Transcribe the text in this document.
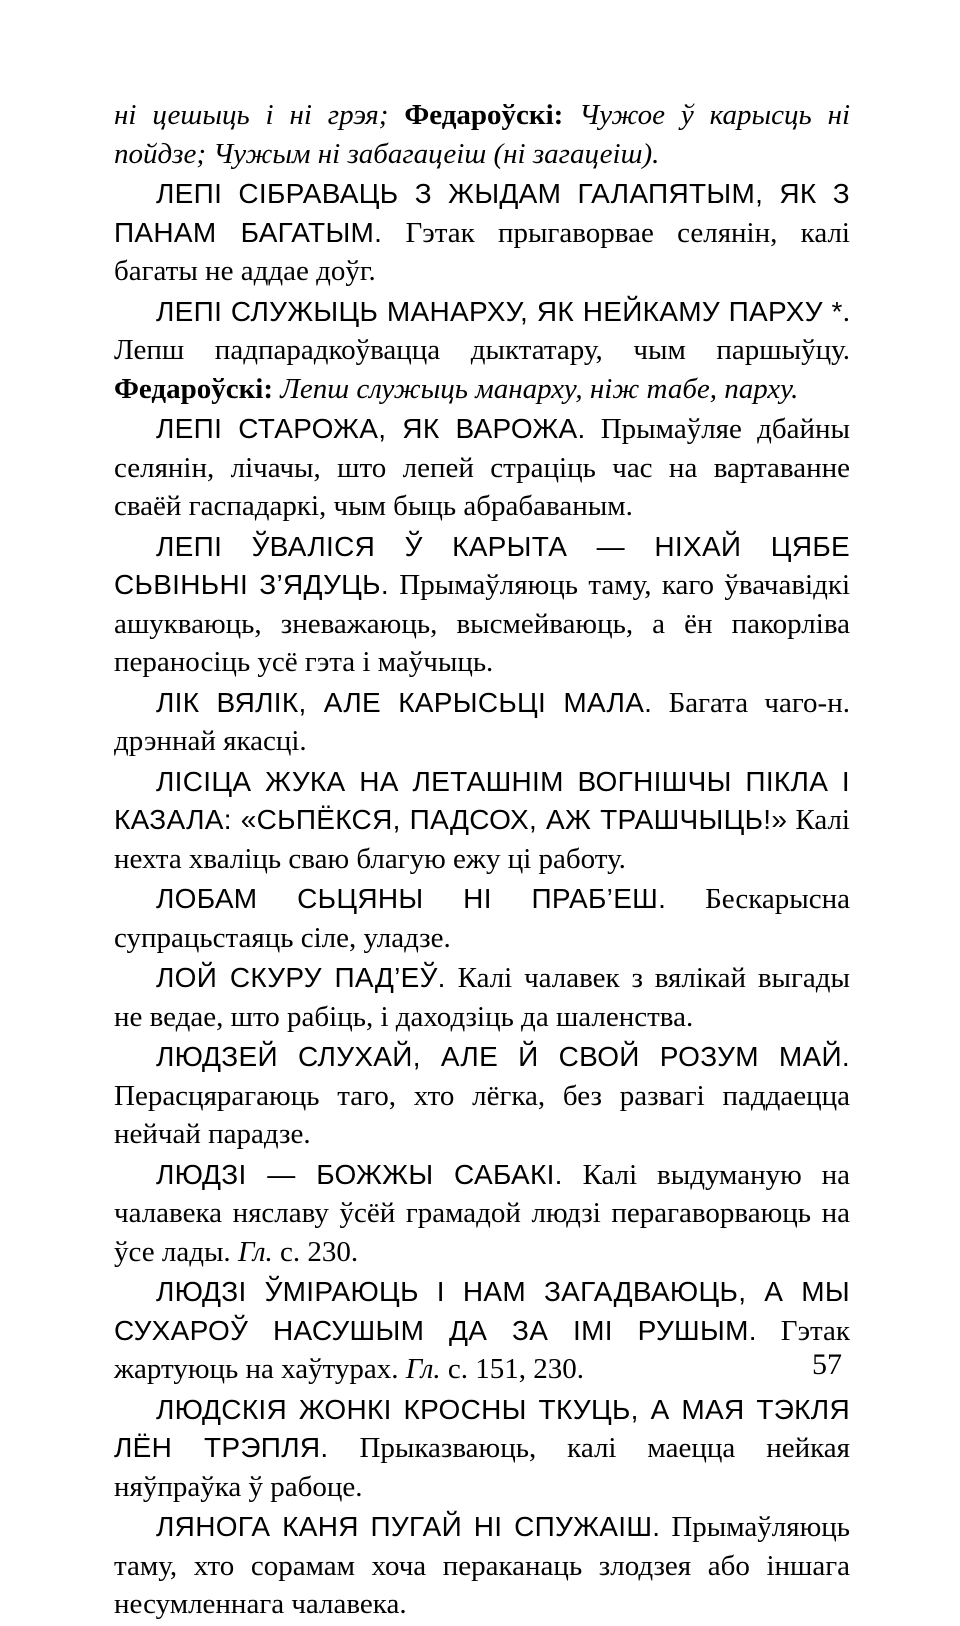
ні цешыць і ні грэя; Федароўскі: Чужое ў карысць ні пойдзе; Чужым ні забагацеіш (ні загацеіш).

ЛЕПІ СІБРАВАЦЬ З ЖЫДАМ ГАЛАПЯТЫМ, ЯК З ПАНАМ БАГАТЫМ. Гэтак прыгаворвае селянін, калі багаты не аддае доўг.

ЛЕПІ СЛУЖЫЦЬ МАНАРХУ, ЯК НЕЙКАМУ ПАРХУ *. Лепш падпарадкоўвацца дыктатару, чым паршыўцу. Федароўскі: Лепш служыць манарху, ніж табе, парху.

ЛЕПІ СТАРОЖА, ЯК ВАРОЖА. Прымаўляе дбайны селянін, лічачы, што лепей страціць час на вартаванне сваёй гаспадаркі, чым быць абрабаваным.

ЛЕПІ ЎВАЛІСЯ Ў КАРЫТА — НІХАЙ ЦЯБЕ СЬВІНЬНІ З’ЯДУЦЬ. Прымаўляюць таму, каго ўвачавідкі ашукваюць, зневажаюць, высмейваюць, а ён пакорліва пераносіць усё гэта і маўчыць.

ЛІК ВЯЛІК, АЛЕ КАРЫСЬЦІ МАЛА. Багата чаго-н. дрэннай якасці.

ЛІСІЦА ЖУКА НА ЛЕТАШНІМ ВОГНІШЧЫ ПІКЛА І КАЗАЛА: «СЬПЁКСЯ, ПАДСОХ, АЖ ТРАШЧЫЦЬ!» Калі нехта хваліць сваю благую ежу ці работу.

ЛОБАМ СЬЦЯНЫ НІ ПРАБ’ЕШ. Бескарысна супрацьстаяць сіле, уладзе.

ЛОЙ СКУРУ ПАД’ЕЎ. Калі чалавек з вялікай выгады не ведае, што рабіць, і даходзіць да шаленства.

ЛЮДЗЕЙ СЛУХАЙ, АЛЕ Й СВОЙ РОЗУМ МАЙ. Перасцярагаюць таго, хто лёгка, без развагі паддаецца нейчай парадзе.

ЛЮДЗІ — БОЖЖЫ САБАКІ. Калі выдуманую на чалавека няславу ўсёй грамадой людзі перагаворваюць на ўсе лады. Гл. с. 230.

ЛЮДЗІ ЎМІРАЮЦЬ І НАМ ЗАГАДВАЮЦЬ, А МЫ СУХАРОЎ НАСУШЫМ ДА ЗА ІМІ РУШЫМ. Гэтак жартуюць на хаўтурах. Гл. с. 151, 230.

ЛЮДСКІЯ ЖОНКІ КРОСНЫ ТКУЦЬ, А МАЯ ТЭКЛЯ ЛЁН ТРЭПЛЯ. Прыказваюць, калі маецца нейкая няўпраўка ў рабоце.

ЛЯНОГА КАНЯ ПУГАЙ НІ СПУЖАІШ. Прымаўляюць таму, хто сорамам хоча пераканаць злодзея або іншага несумленнага чалавека.

57
